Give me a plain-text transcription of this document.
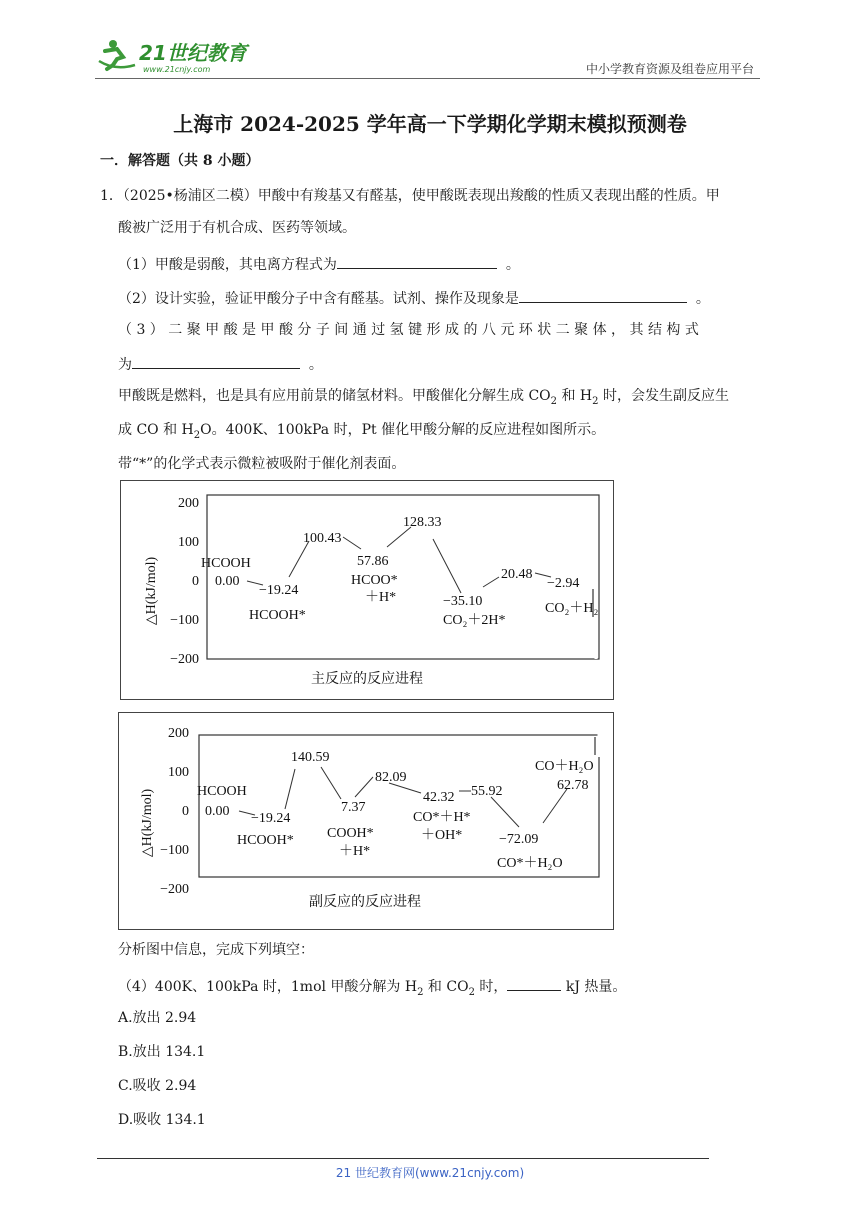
21世纪教育
www.21cnjy.com	中小学教育资源及组卷应用平台
上海市 2024-2025 学年高一下学期化学期末模拟预测卷
一．解答题（共 8 小题）
1．（2025•杨浦区二模）甲酸中有羧基又有醛基，使甲酸既表现出羧酸的性质又表现出醛的性质。甲
酸被广泛用于有机合成、医药等领域。
（1）甲酸是弱酸，其电离方程式为	。
（2）设计实验，验证甲酸分子中含有醛基。试剂、操作及现象是	。
（ 3 ） 二 聚 甲 酸 是 甲 酸 分 子 间 通 过 氢 键 形 成 的 八 元 环 状 二 聚 体 ， 其 结 构 式
为	。
甲酸既是燃料，也是具有应用前景的储氢材料。甲酸催化分解生成 $CO_2$ 和 $H_2$ 时，会发生副反应生
成 CO 和 $H_2O$。400K、100kPa 时，Pt 催化甲酸分解的反应进程如图所示。
带“*”的化学式表示微粒被吸附于催化剂表面。
△H(kJ/mol)
200
100
0
−100
−200
HCOOH
0.00
−19.24
HCOOH*
100.43
57.86
HCOO*
＋H*
128.33
−35.10
CO₂＋2H*
20.48
−2.94
CO₂＋H₂
主反应的反应进程
△H(kJ/mol)
200
100
0
−100
−200
HCOOH
0.00 −19.24
HCOOH*
140.59
7.37
COOH*
＋H*
82.09
42.32
CO*＋H*
＋OH*
55.92
−72.09
CO*＋H₂O
CO＋H₂O
62.78
副反应的反应进程
分析图中信息，完成下列填空：
（4）400K、100kPa 时，1mol 甲酸分解为 $H_2$ 和 $CO_2$ 时，	kJ 热量。
A.放出 2.94
B.放出 134.1
C.吸收 2.94
D.吸收 134.1
21 世纪教育网(www.21cnjy.com)
